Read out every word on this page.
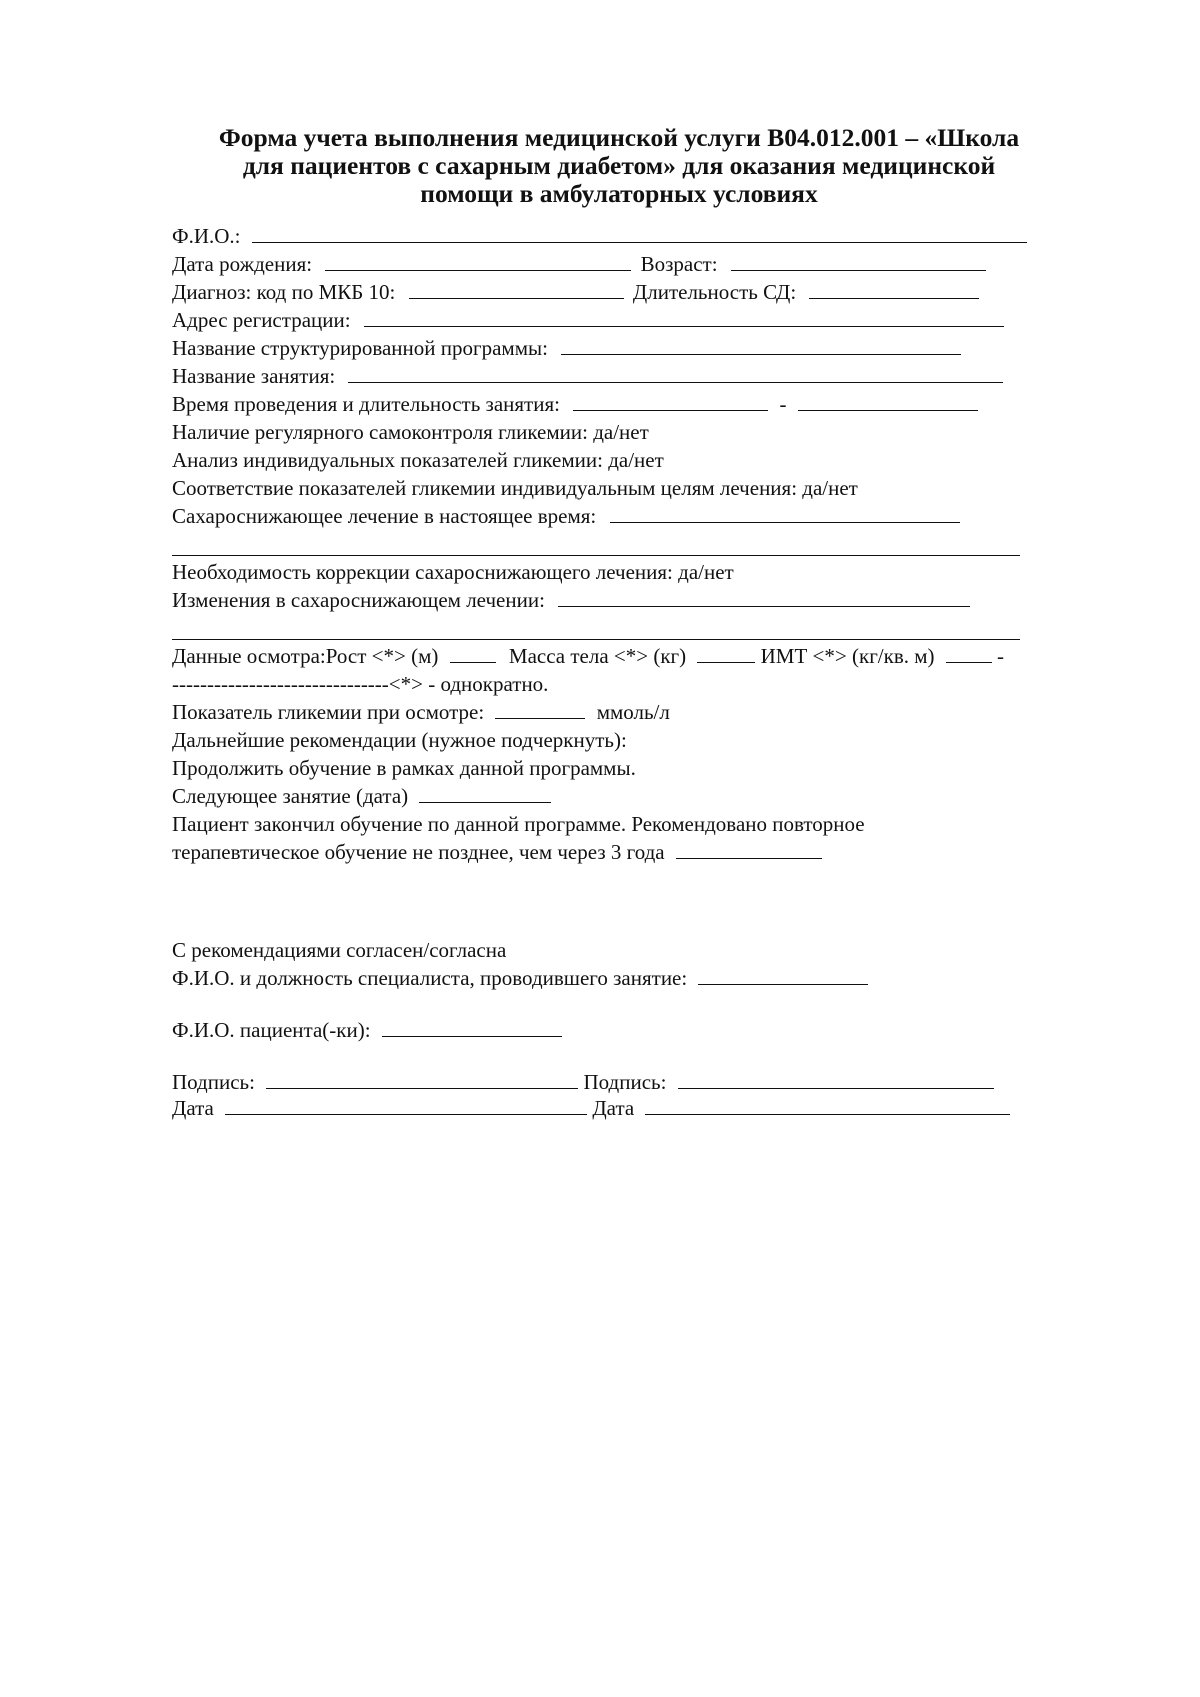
Форма учета выполнения медицинской услуги В04.012.001 – «Школа
для пациентов с сахарным диабетом» для оказания медицинской
помощи в амбулаторных условиях
Ф.И.О.:
Дата рождения:	Возраст:
Диагноз: код по МКБ 10:	Длительность СД:
Адрес регистрации:
Название структурированной программы:
Название занятия:
Время проведения и длительность занятия:	-
Наличие регулярного самоконтроля гликемии: да/нет
Анализ индивидуальных показателей гликемии: да/нет
Соответствие показателей гликемии индивидуальным целям лечения: да/нет
Сахароснижающее лечение в настоящее время:
Необходимость коррекции сахароснижающего лечения: да/нет
Изменения в сахароснижающем лечении:
Данные осмотра:Рост <*> (м)	Масса тела <*> (кг)	ИМТ <*> (кг/кв. м)	-
-------------------------------<*> - однократно.
Показатель гликемии при осмотре:	ммоль/л
Дальнейшие рекомендации (нужное подчеркнуть):
Продолжить обучение в рамках данной программы.
Следующее занятие (дата)
Пациент закончил обучение по данной программе. Рекомендовано повторное
терапевтическое обучение не позднее, чем через 3 года
С рекомендациями согласен/согласна
Ф.И.О. и должность специалиста, проводившего занятие:
Ф.И.О. пациента(-ки):
Подпись:	Подпись:
Дата	Дата
